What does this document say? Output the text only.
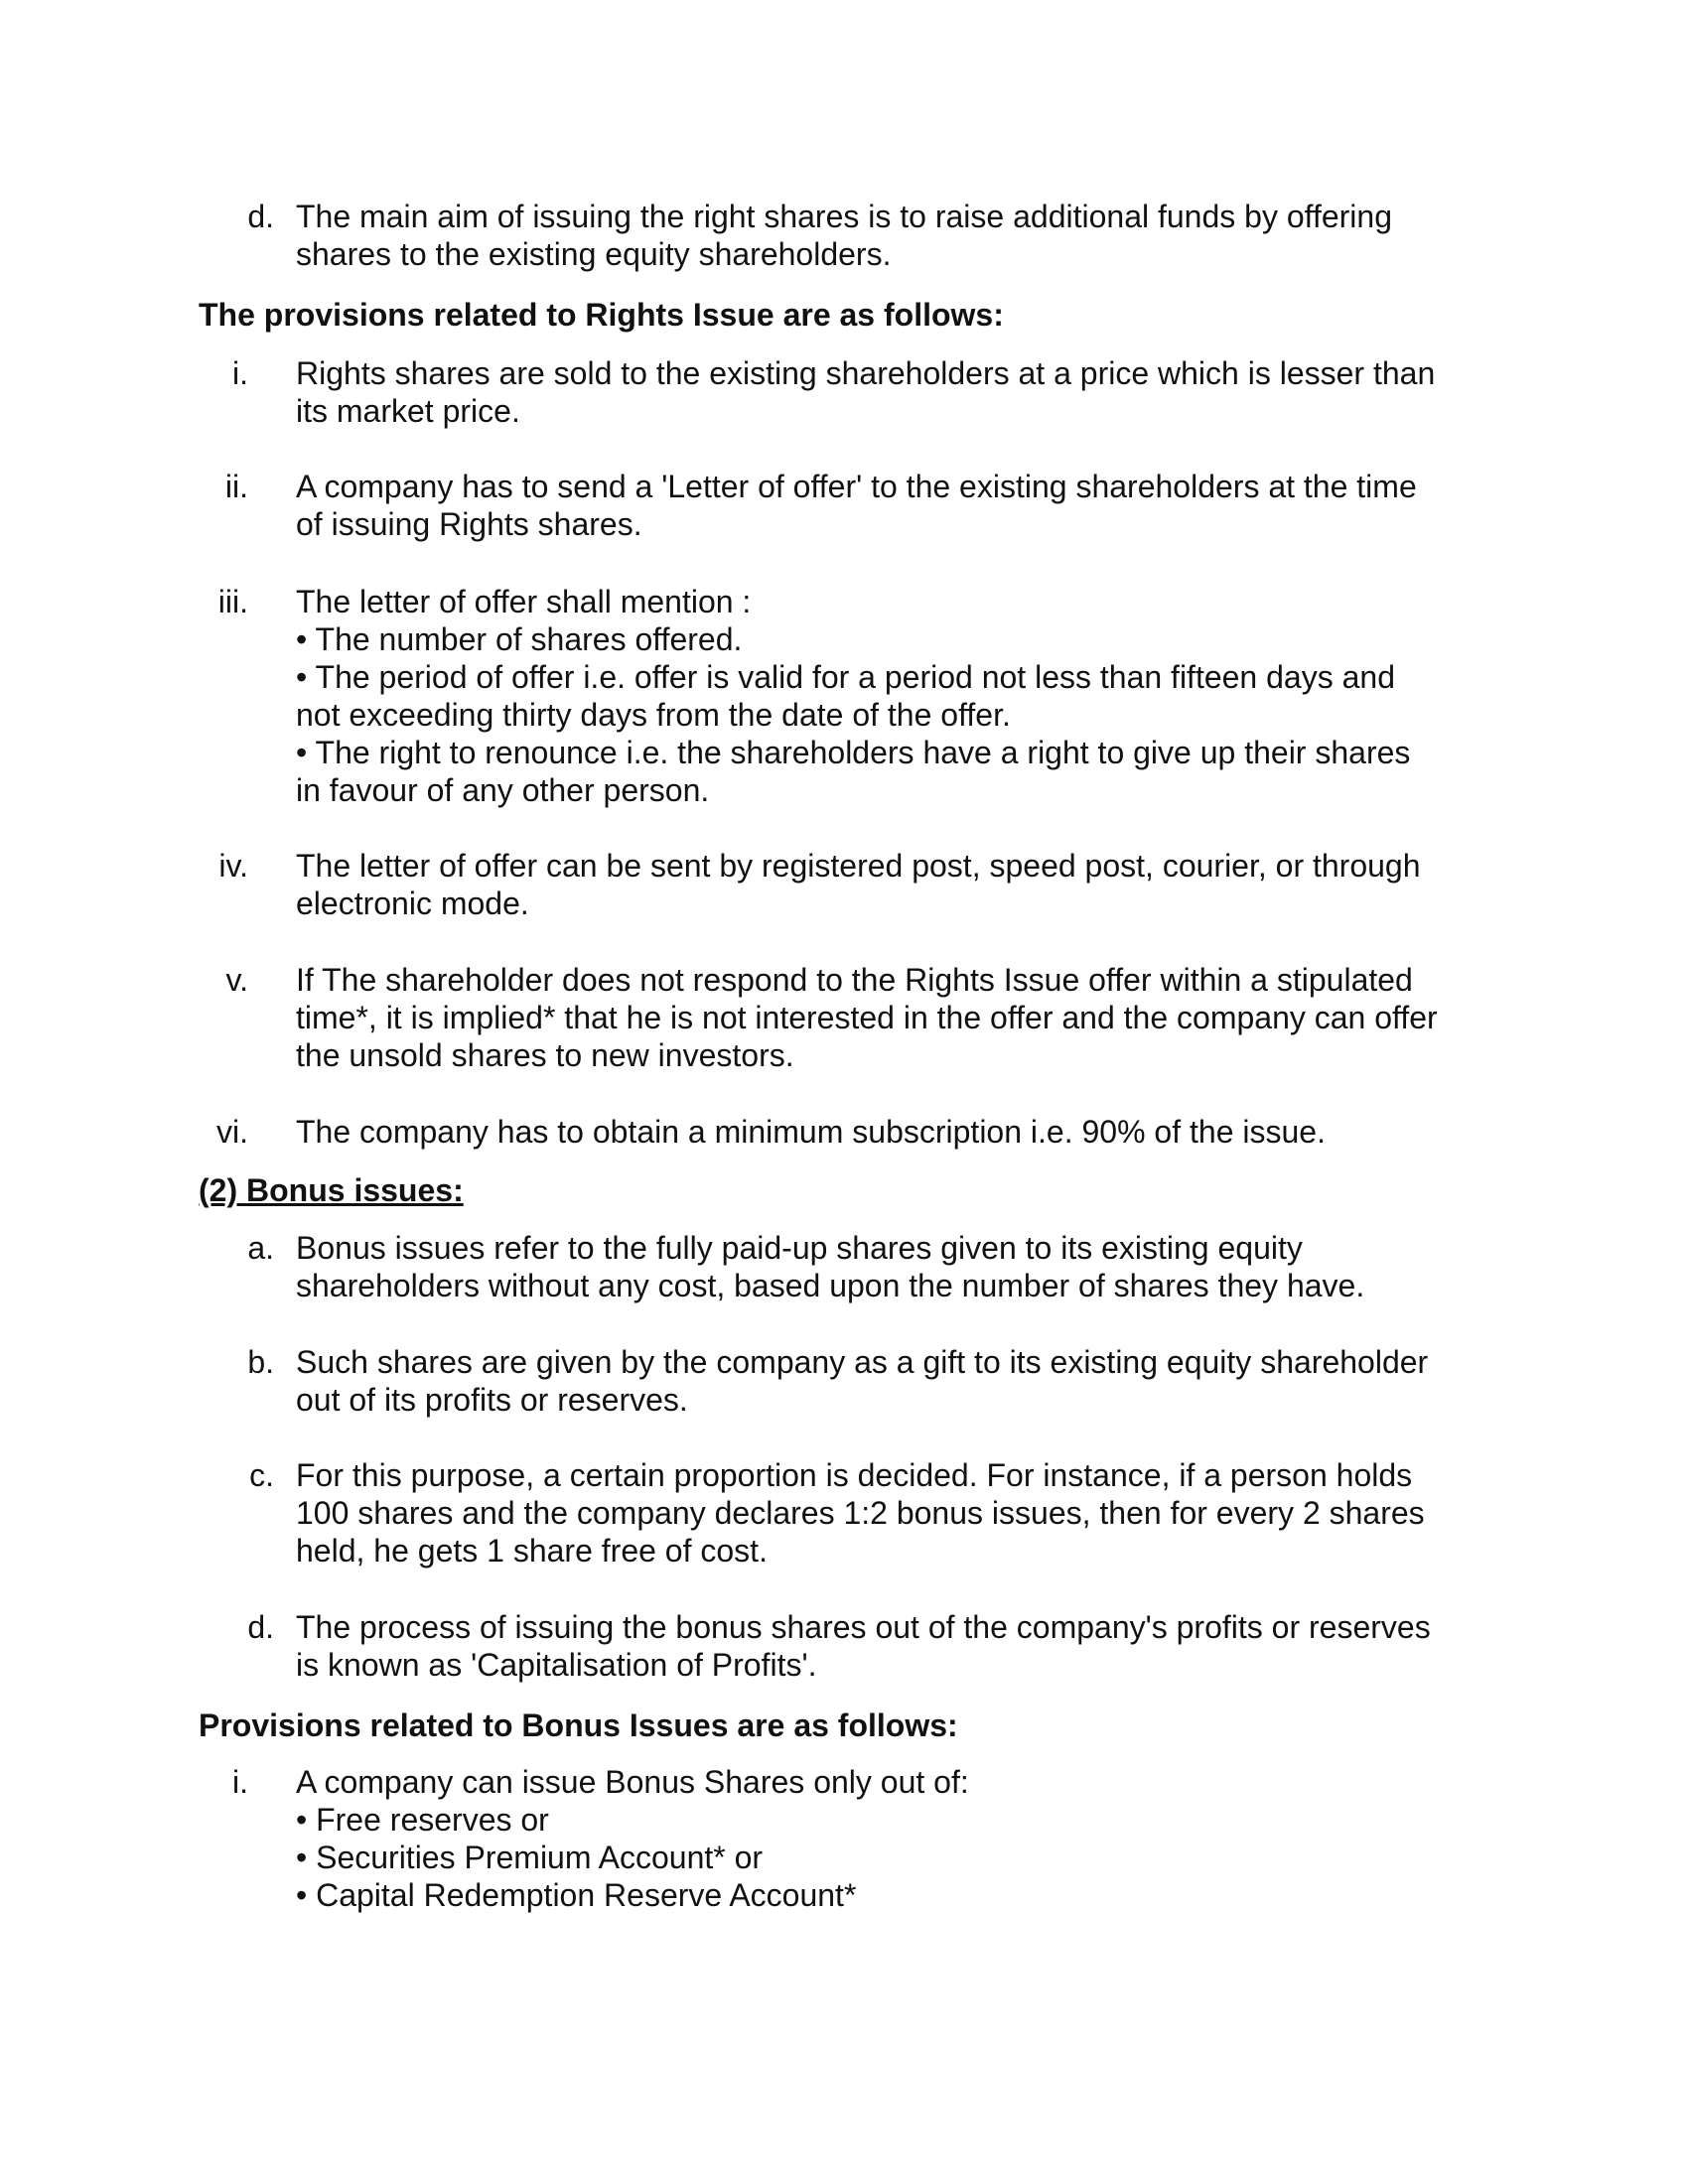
d. The main aim of issuing the right shares is to raise additional funds by offering
shares to the existing equity shareholders.
The provisions related to Rights Issue are as follows:
i. Rights shares are sold to the existing shareholders at a price which is lesser than
its market price.
ii. A company has to send a 'Letter of offer' to the existing shareholders at the time
of issuing Rights shares.
iii. The letter of offer shall mention :
• The number of shares offered.
• The period of offer i.e. offer is valid for a period not less than fifteen days and
not exceeding thirty days from the date of the offer.
• The right to renounce i.e. the shareholders have a right to give up their shares
in favour of any other person.
iv. The letter of offer can be sent by registered post, speed post, courier, or through
electronic mode.
v. If The shareholder does not respond to the Rights Issue offer within a stipulated
time*, it is implied* that he is not interested in the offer and the company can offer
the unsold shares to new investors.
vi. The company has to obtain a minimum subscription i.e. 90% of the issue.
(2) Bonus issues:
a. Bonus issues refer to the fully paid-up shares given to its existing equity
shareholders without any cost, based upon the number of shares they have.
b. Such shares are given by the company as a gift to its existing equity shareholder
out of its profits or reserves.
c. For this purpose, a certain proportion is decided. For instance, if a person holds
100 shares and the company declares 1:2 bonus issues, then for every 2 shares
held, he gets 1 share free of cost.
d. The process of issuing the bonus shares out of the company's profits or reserves
is known as 'Capitalisation of Profits'.
Provisions related to Bonus Issues are as follows:
i. A company can issue Bonus Shares only out of:
• Free reserves or
• Securities Premium Account* or
• Capital Redemption Reserve Account*
